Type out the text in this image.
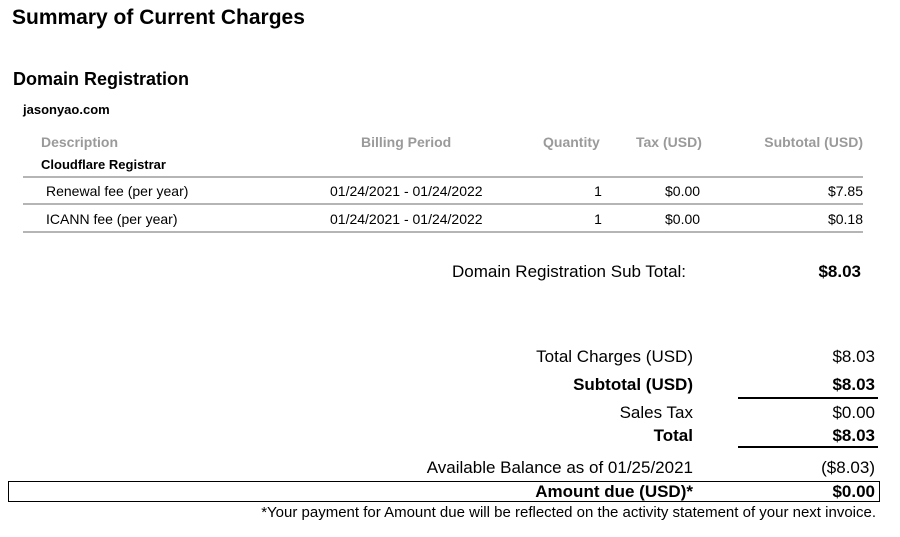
Summary of Current Charges
Domain Registration
jasonyao.com
Description	Billing Period	Quantity	Tax (USD)	Subtotal (USD)
Cloudflare Registrar
Renewal fee (per year)	01/24/2021 - 01/24/2022	1	$0.00	$7.85
ICANN fee (per year)	01/24/2021 - 01/24/2022	1	$0.00	$0.18
Domain Registration Sub Total:	$8.03
Total Charges (USD)	$8.03
Subtotal (USD)	$8.03
Sales Tax	$0.00
Total	$8.03
Available Balance as of 01/25/2021	($8.03)
Amount due (USD)*	$0.00
*Your payment for Amount due will be reflected on the activity statement of your next invoice.
